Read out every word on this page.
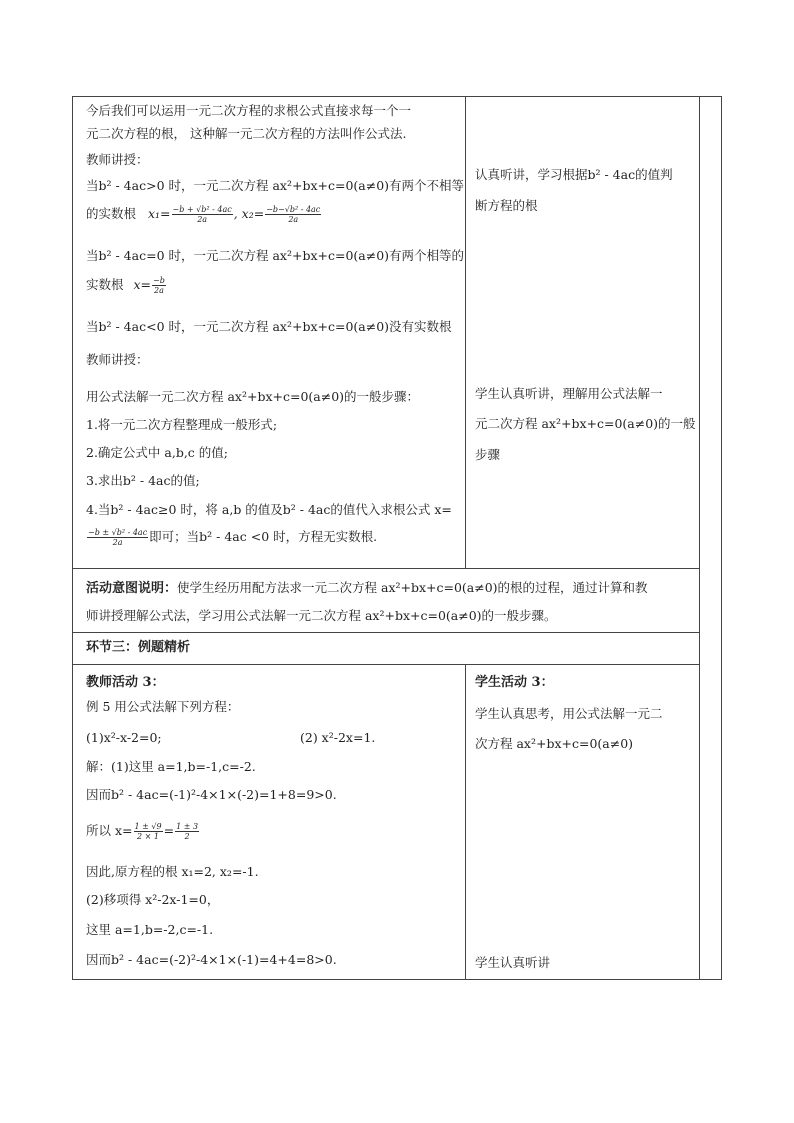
今后我们可以运用一元二次方程的求根公式直接求每一个一
元二次方程的根， 这种解一元二次方程的方法叫作公式法.
教师讲授：
当b² - 4ac>0 时，一元二次方程 ax²+bx+c=0(a≠0)有两个不相等
的实数根 $x_1= \frac{\text{−b + √b² - 4ac}}{2a}$ , $x_2= \frac{\text{−b−√b² - 4ac}}{2a}$
当b² - 4ac=0 时，一元二次方程 ax²+bx+c=0(a≠0)有两个相等的
实数根 $x= \frac{-b}{2a}$
当b² - 4ac<0 时，一元二次方程 ax²+bx+c=0(a≠0)没有实数根
教师讲授：
用公式法解一元二次方程 ax²+bx+c=0(a≠0)的一般步骤：
1.将一元二次方程整理成一般形式;
2.确定公式中 a,b,c 的值;
3.求出b² - 4ac的值;
4.当b² - 4ac≥0 时，将 a,b 的值及b² - 4ac的值代入求根公式 x=
$\frac{\text{−b ± √b² - 4ac}}{2a}$ 即可；当b² - 4ac <0 时，方程无实数根.
认真听讲，学习根据b² - 4ac的值判
断方程的根
学生认真听讲，理解用公式法解一
元二次方程 ax²+bx+c=0(a≠0)的一般
步骤
活动意图说明：使学生经历用配方法求一元二次方程 ax²+bx+c=0(a≠0)的根的过程，通过计算和教
师讲授理解公式法，学习用公式法解一元二次方程 ax²+bx+c=0(a≠0)的一般步骤。
环节三：例题精析
教师活动 3：
例 5 用公式法解下列方程：
(1)x²-x-2=0;	(2) x²-2x=1.
解：(1)这里 a=1,b=-1,c=-2.
因而b² - 4ac=(-1)²-4×1×(-2)=1+8=9>0.
所以 $x= \frac{1 \pm √9}{2 \times 1} = \frac{1 \pm 3}{2}$
因此,原方程的根 x₁=2, x₂=-1.
(2)移项得 x²-2x-1=0，
这里 a=1,b=-2,c=-1.
因而b² - 4ac=(-2)²-4×1×(-1)=4+4=8>0.
学生活动 3：
学生认真思考，用公式法解一元二
次方程 ax²+bx+c=0(a≠0)
学生认真听讲
